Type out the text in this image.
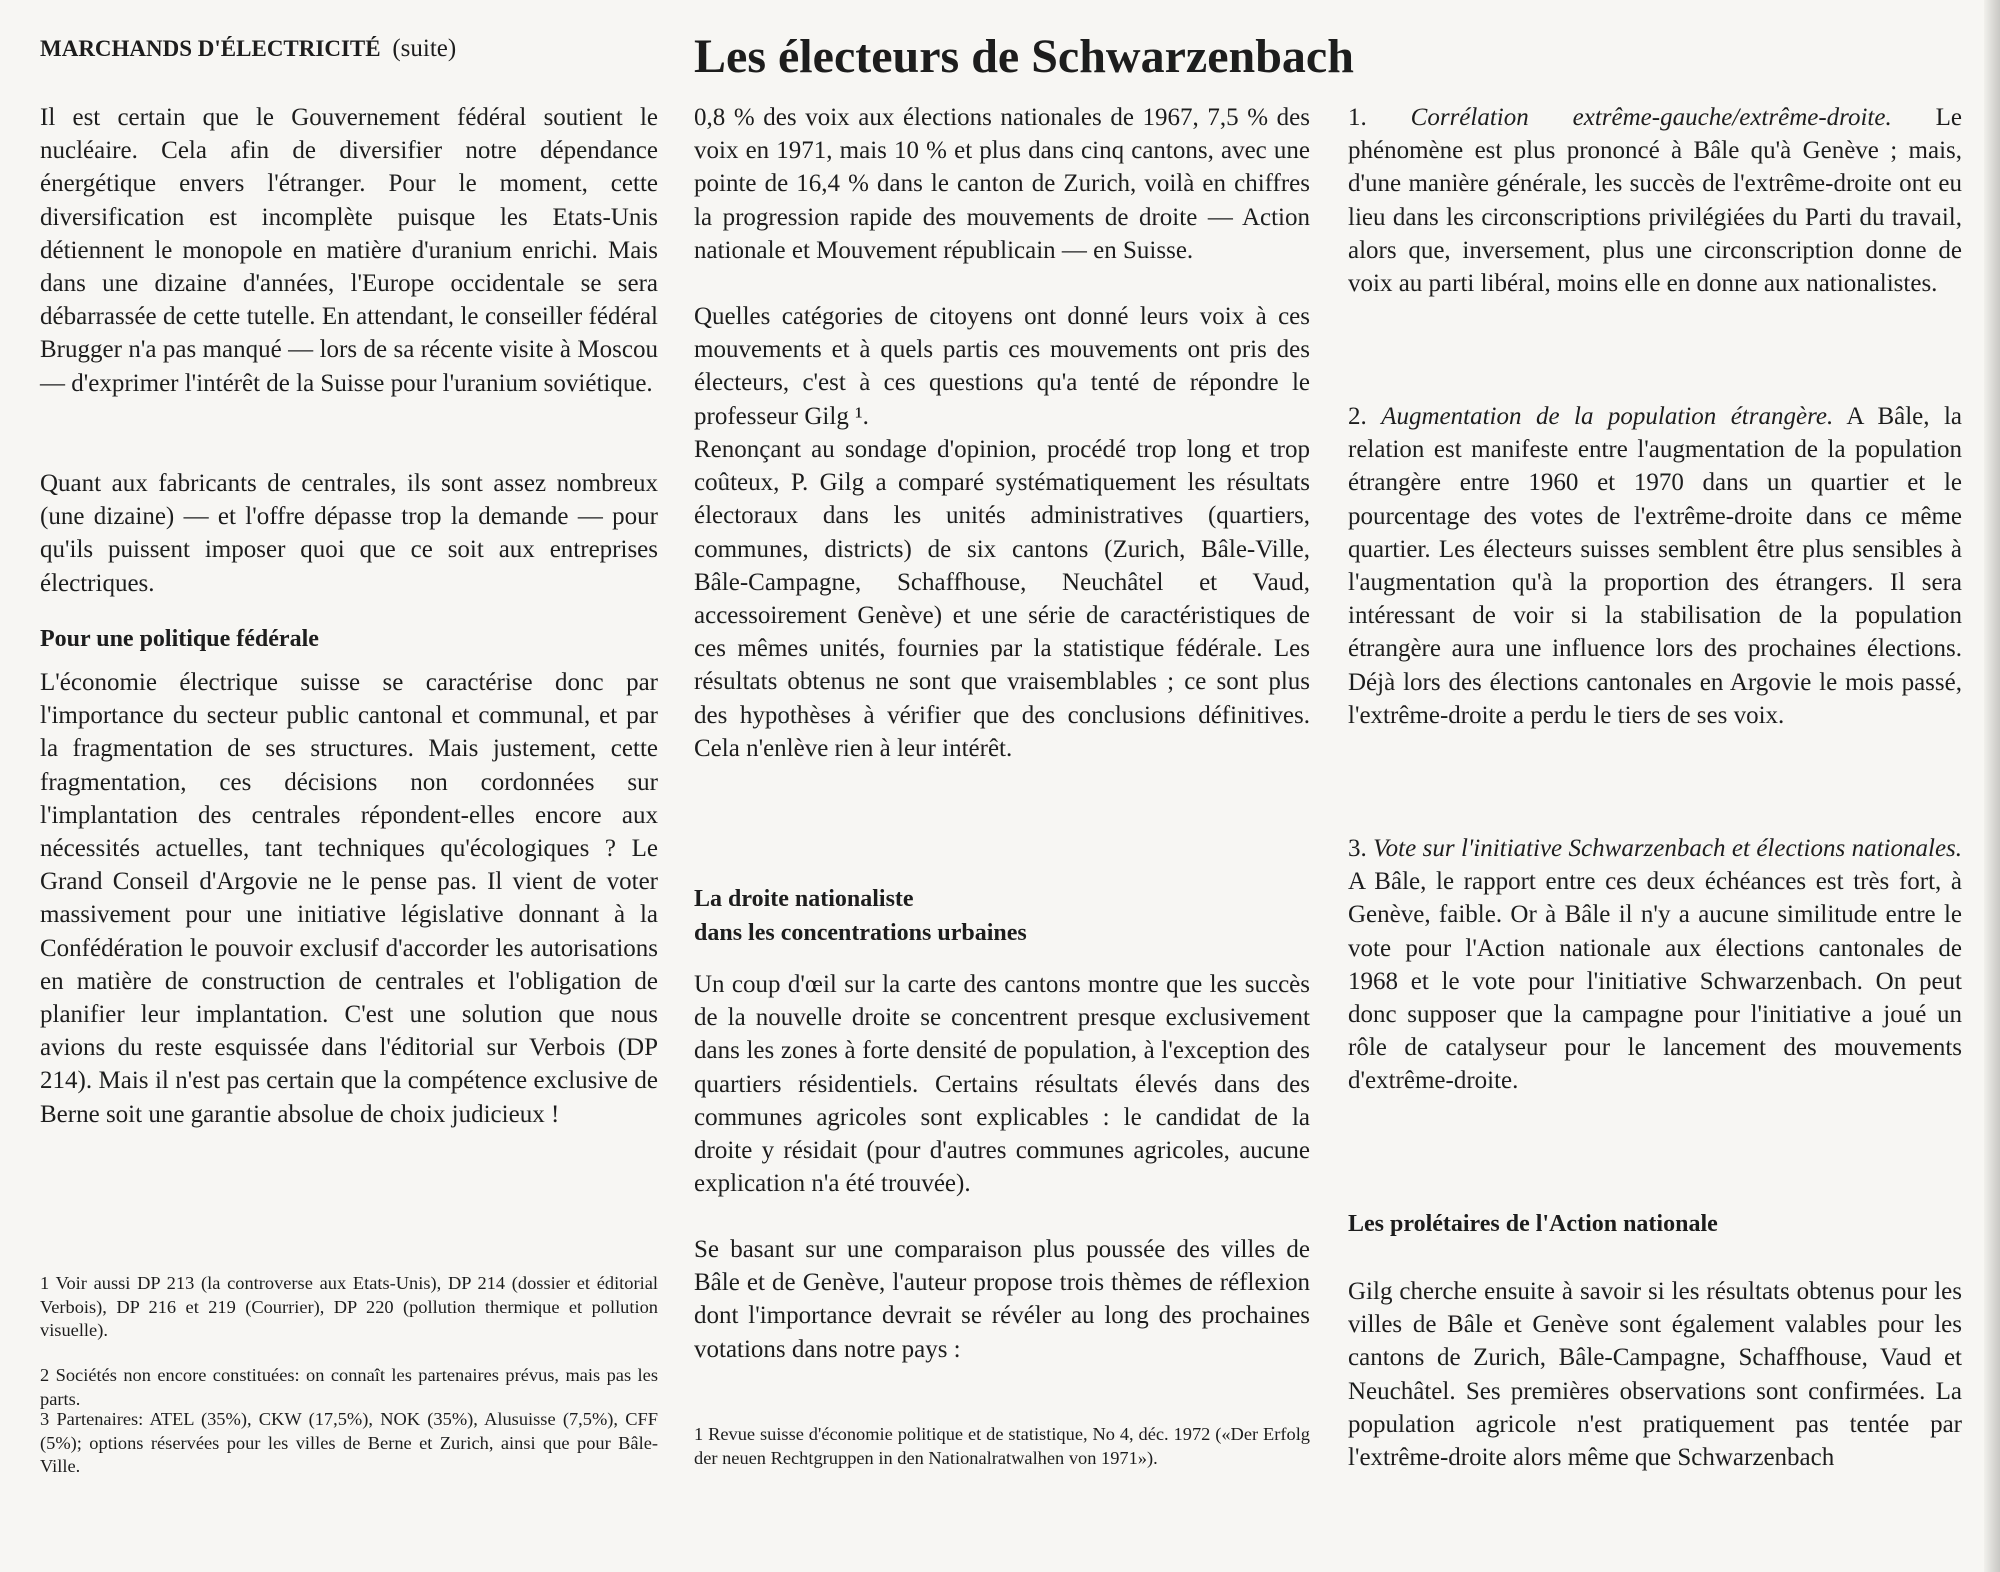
MARCHANDS D'ÉLECTRICITÉ (suite)

Il est certain que le Gouvernement fédéral soutient le nucléaire. Cela afin de diversifier notre dépendance énergétique envers l'étranger. Pour le moment, cette diversification est incomplète puisque les Etats-Unis détiennent le monopole en matière d'uranium enrichi. Mais dans une dizaine d'années, l'Europe occidentale se sera débarrassée de cette tutelle. En attendant, le conseiller fédéral Brugger n'a pas manqué — lors de sa récente visite à Moscou — d'exprimer l'intérêt de la Suisse pour l'uranium soviétique.

Quant aux fabricants de centrales, ils sont assez nombreux (une dizaine) — et l'offre dépasse trop la demande — pour qu'ils puissent imposer quoi que ce soit aux entreprises électriques.

Pour une politique fédérale

L'économie électrique suisse se caractérise donc par l'importance du secteur public cantonal et communal, et par la fragmentation de ses structures. Mais justement, cette fragmentation, ces décisions non cordonnées sur l'implantation des centrales répondent-elles encore aux nécessités actuelles, tant techniques qu'écologiques ? Le Grand Conseil d'Argovie ne le pense pas. Il vient de voter massivement pour une initiative législative donnant à la Confédération le pouvoir exclusif d'accorder les autorisations en matière de construction de centrales et l'obligation de planifier leur implantation. C'est une solution que nous avions du reste esquissée dans l'éditorial sur Verbois (DP 214). Mais il n'est pas certain que la compétence exclusive de Berne soit une garantie absolue de choix judicieux !

1 Voir aussi DP 213 (la controverse aux Etats-Unis), DP 214 (dossier et éditorial Verbois), DP 216 et 219 (Courrier), DP 220 (pollution thermique et pollution visuelle).

2 Sociétés non encore constituées: on connaît les partenaires prévus, mais pas les parts.

3 Partenaires: ATEL (35%), CKW (17,5%), NOK (35%), Alusuisse (7,5%), CFF (5%); options réservées pour les villes de Berne et Zurich, ainsi que pour Bâle-Ville.

Les électeurs de Schwarzenbach

0,8 % des voix aux élections nationales de 1967, 7,5 % des voix en 1971, mais 10 % et plus dans cinq cantons, avec une pointe de 16,4 % dans le canton de Zurich, voilà en chiffres la progression rapide des mouvements de droite — Action nationale et Mouvement républicain — en Suisse.

Quelles catégories de citoyens ont donné leurs voix à ces mouvements et à quels partis ces mouvements ont pris des électeurs, c'est à ces questions qu'a tenté de répondre le professeur Gilg ¹.

Renonçant au sondage d'opinion, procédé trop long et trop coûteux, P. Gilg a comparé systématiquement les résultats électoraux dans les unités administratives (quartiers, communes, districts) de six cantons (Zurich, Bâle-Ville, Bâle-Campagne, Schaffhouse, Neuchâtel et Vaud, accessoirement Genève) et une série de caractéristiques de ces mêmes unités, fournies par la statistique fédérale. Les résultats obtenus ne sont que vraisemblables ; ce sont plus des hypothèses à vérifier que des conclusions définitives. Cela n'enlève rien à leur intérêt.

La droite nationaliste
dans les concentrations urbaines

Un coup d'œil sur la carte des cantons montre que les succès de la nouvelle droite se concentrent presque exclusivement dans les zones à forte densité de population, à l'exception des quartiers résidentiels. Certains résultats élevés dans des communes agricoles sont explicables : le candidat de la droite y résidait (pour d'autres communes agricoles, aucune explication n'a été trouvée).

Se basant sur une comparaison plus poussée des villes de Bâle et de Genève, l'auteur propose trois thèmes de réflexion dont l'importance devrait se révéler au long des prochaines votations dans notre pays :

1 Revue suisse d'économie politique et de statistique, No 4, déc. 1972 («Der Erfolg der neuen Rechtgruppen in den Nationalratwalhen von 1971»).

1. Corrélation extrême-gauche/extrême-droite. Le phénomène est plus prononcé à Bâle qu'à Genève ; mais, d'une manière générale, les succès de l'extrême-droite ont eu lieu dans les circonscriptions privilégiées du Parti du travail, alors que, inversement, plus une circonscription donne de voix au parti libéral, moins elle en donne aux nationalistes.

2. Augmentation de la population étrangère. A Bâle, la relation est manifeste entre l'augmentation de la population étrangère entre 1960 et 1970 dans un quartier et le pourcentage des votes de l'extrême-droite dans ce même quartier. Les électeurs suisses semblent être plus sensibles à l'augmentation qu'à la proportion des étrangers. Il sera intéressant de voir si la stabilisation de la population étrangère aura une influence lors des prochaines élections. Déjà lors des élections cantonales en Argovie le mois passé, l'extrême-droite a perdu le tiers de ses voix.

3. Vote sur l'initiative Schwarzenbach et élections nationales. A Bâle, le rapport entre ces deux échéances est très fort, à Genève, faible. Or à Bâle il n'y a aucune similitude entre le vote pour l'Action nationale aux élections cantonales de 1968 et le vote pour l'initiative Schwarzenbach. On peut donc supposer que la campagne pour l'initiative a joué un rôle de catalyseur pour le lancement des mouvements d'extrême-droite.

Les prolétaires de l'Action nationale

Gilg cherche ensuite à savoir si les résultats obtenus pour les villes de Bâle et Genève sont également valables pour les cantons de Zurich, Bâle-Campagne, Schaffhouse, Vaud et Neuchâtel. Ses premières observations sont confirmées. La population agricole n'est pratiquement pas tentée par l'extrême-droite alors même que Schwarzenbach
